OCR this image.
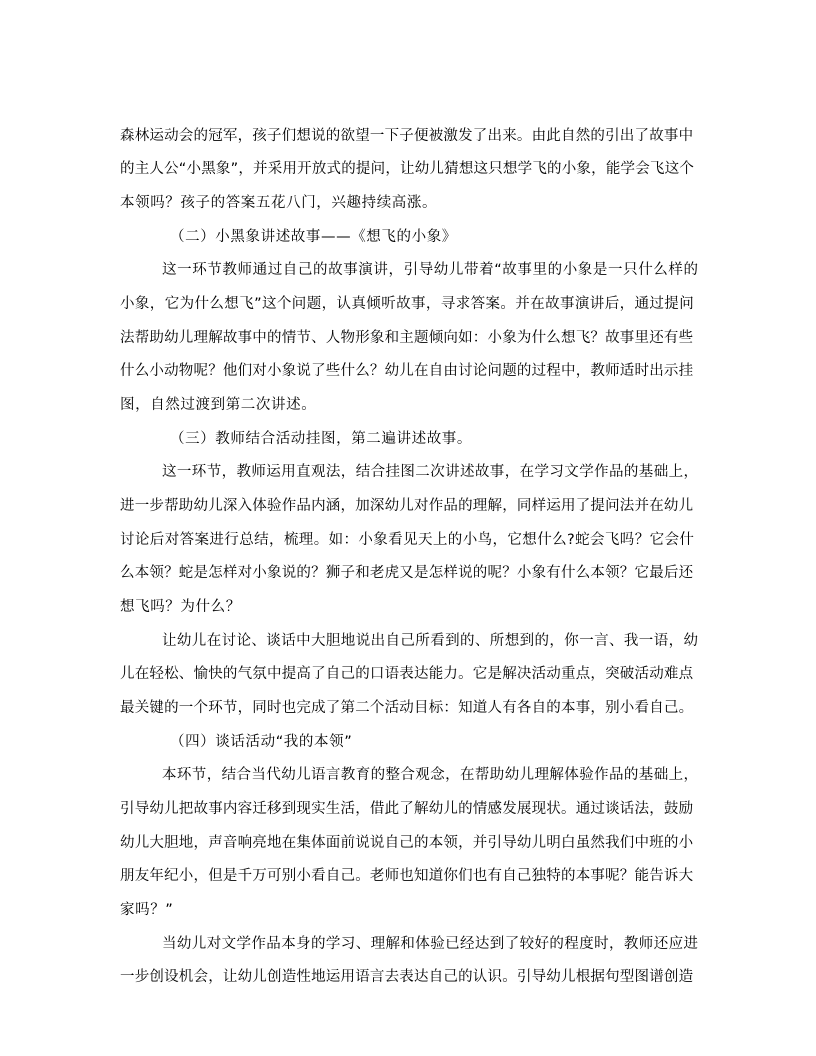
森林运动会的冠军，孩子们想说的欲望一下子便被激发了出来。由此自然的引出了故事中
的主人公“小黑象”，并采用开放式的提问，让幼儿猜想这只想学飞的小象，能学会飞这个
本领吗？孩子的答案五花八门，兴趣持续高涨。
（二）小黑象讲述故事——《想飞的小象》
这一环节教师通过自己的故事演讲，引导幼儿带着“故事里的小象是一只什么样的
小象，它为什么想飞”这个问题，认真倾听故事，寻求答案。并在故事演讲后，通过提问
法帮助幼儿理解故事中的情节、人物形象和主题倾向如：小象为什么想飞？故事里还有些
什么小动物呢？他们对小象说了些什么？幼儿在自由讨论问题的过程中，教师适时出示挂
图，自然过渡到第二次讲述。
（三）教师结合活动挂图，第二遍讲述故事。
这一环节，教师运用直观法，结合挂图二次讲述故事，在学习文学作品的基础上，
进一步帮助幼儿深入体验作品内涵，加深幼儿对作品的理解，同样运用了提问法并在幼儿
讨论后对答案进行总结，梳理。如：小象看见天上的小鸟，它想什么?蛇会飞吗？它会什
么本领？蛇是怎样对小象说的？狮子和老虎又是怎样说的呢？小象有什么本领？它最后还
想飞吗？为什么？
让幼儿在讨论、谈话中大胆地说出自己所看到的、所想到的，你一言、我一语，幼
儿在轻松、愉快的气氛中提高了自己的口语表达能力。它是解决活动重点，突破活动难点
最关键的一个环节，同时也完成了第二个活动目标：知道人有各自的本事，别小看自己。
（四）谈话活动“我的本领”
本环节，结合当代幼儿语言教育的整合观念，在帮助幼儿理解体验作品的基础上，
引导幼儿把故事内容迁移到现实生活，借此了解幼儿的情感发展现状。通过谈话法，鼓励
幼儿大胆地，声音响亮地在集体面前说说自己的本领，并引导幼儿明白虽然我们中班的小
朋友年纪小，但是千万可别小看自己。老师也知道你们也有自己独特的本事呢？能告诉大
家吗？”
当幼儿对文学作品本身的学习、理解和体验已经达到了较好的程度时，教师还应进
一步创设机会，让幼儿创造性地运用语言去表达自己的认识。引导幼儿根据句型图谱创造
